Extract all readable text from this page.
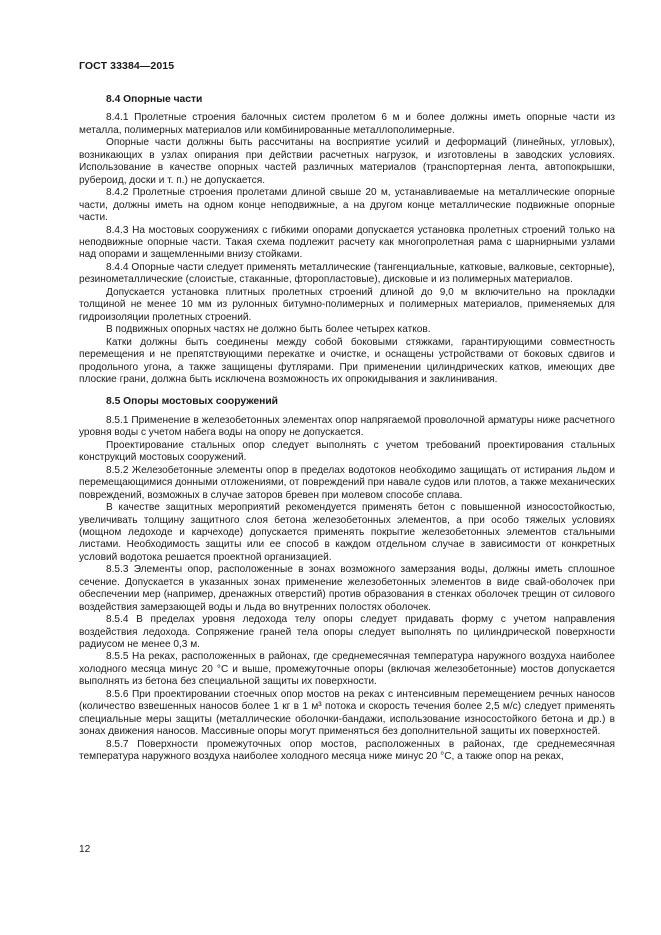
ГОСТ 33384—2015
8.4 Опорные части

8.4.1 Пролетные строения балочных систем пролетом 6 м и более должны иметь опорные части из металла, полимерных материалов или комбинированные металлополимерные.

Опорные части должны быть рассчитаны на восприятие усилий и деформаций (линейных, угловых), возникающих в узлах опирания при действии расчетных нагрузок, и изготовлены в заводских условиях. Использование в качестве опорных частей различных материалов (транспортерная лента, автопокрышки, рубероид, доски и т. п.) не допускается.

8.4.2 Пролетные строения пролетами длиной свыше 20 м, устанавливаемые на металлические опорные части, должны иметь на одном конце неподвижные, а на другом конце металлические подвижные опорные части.

8.4.3 На мостовых сооружениях с гибкими опорами допускается установка пролетных строений только на неподвижные опорные части. Такая схема подлежит расчету как многопролетная рама с шарнирными узлами над опорами и защемленными внизу стойками.

8.4.4 Опорные части следует применять металлические (тангенциальные, катковые, валковые, секторные), резинометаллические (слоистые, стаканные, фторопластовые), дисковые и из полимерных материалов.

Допускается установка плитных пролетных строений длиной до 9,0 м включительно на прокладки толщиной не менее 10 мм из рулонных битумно-полимерных и полимерных материалов, применяемых для гидроизоляции пролетных строений.

В подвижных опорных частях не должно быть более четырех катков.

Катки должны быть соединены между собой боковыми стяжками, гарантирующими совместность перемещения и не препятствующими перекатке и очистке, и оснащены устройствами от боковых сдвигов и продольного угона, а также защищены футлярами. При применении цилиндрических катков, имеющих две плоские грани, должна быть исключена возможность их опрокидывания и заклинивания.

8.5 Опоры мостовых сооружений

8.5.1 Применение в железобетонных элементах опор напрягаемой проволочной арматуры ниже расчетного уровня воды с учетом набега воды на опору не допускается.

Проектирование стальных опор следует выполнять с учетом требований проектирования стальных конструкций мостовых сооружений.

8.5.2 Железобетонные элементы опор в пределах водотоков необходимо защищать от истирания льдом и перемещающимися донными отложениями, от повреждений при навале судов или плотов, а также механических повреждений, возможных в случае заторов бревен при молевом способе сплава.

В качестве защитных мероприятий рекомендуется применять бетон с повышенной износостойкостью, увеличивать толщину защитного слоя бетона железобетонных элементов, а при особо тяжелых условиях (мощном ледоходе и карчеходе) допускается применять покрытие железобетонных элементов стальными листами. Необходимость защиты или ее способ в каждом отдельном случае в зависимости от конкретных условий водотока решается проектной организацией.

8.5.3 Элементы опор, расположенные в зонах возможного замерзания воды, должны иметь сплошное сечение. Допускается в указанных зонах применение железобетонных элементов в виде свай-оболочек при обеспечении мер (например, дренажных отверстий) против образования в стенках оболочек трещин от силового воздействия замерзающей воды и льда во внутренних полостях оболочек.

8.5.4 В пределах уровня ледохода телу опоры следует придавать форму с учетом направления воздействия ледохода. Сопряжение граней тела опоры следует выполнять по цилиндрической поверхности радиусом не менее 0,3 м.

8.5.5 На реках, расположенных в районах, где среднемесячная температура наружного воздуха наиболее холодного месяца минус 20 °С и выше, промежуточные опоры (включая железобетонные) мостов допускается выполнять из бетона без специальной защиты их поверхности.

8.5.6 При проектировании стоечных опор мостов на реках с интенсивным перемещением речных наносов (количество взвешенных наносов более 1 кг в 1 м³ потока и скорость течения более 2,5 м/с) следует применять специальные меры защиты (металлические оболочки-бандажи, использование износостойкого бетона и др.) в зонах движения наносов. Массивные опоры могут применяться без дополнительной защиты их поверхностей.

8.5.7 Поверхности промежуточных опор мостов, расположенных в районах, где среднемесячная температура наружного воздуха наиболее холодного месяца ниже минус 20 °С, а также опор на реках,

12
